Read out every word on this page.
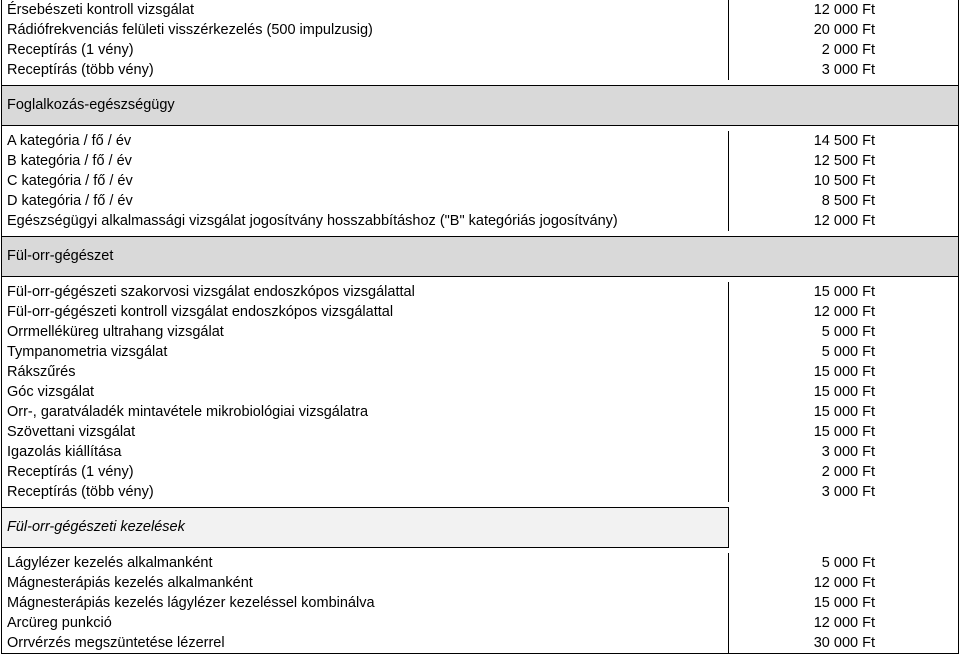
Érsebészeti kontroll vizsgálat	12 000 Ft
Rádiófrekvenciás felületi visszérkezelés (500 impulzusig)	20 000 Ft
Receptírás (1 vény)	2 000 Ft
Receptírás (több vény)	3 000 Ft
Foglalkozás-egészségügy
A kategória / fő / év	14 500 Ft
B kategória / fő / év	12 500 Ft
C kategória / fő / év	10 500 Ft
D kategória / fő / év	8 500 Ft
Egészségügyi alkalmassági vizsgálat jogosítvány hosszabbításhoz ("B" kategóriás jogosítvány)	12 000 Ft
Fül-orr-gégészet
Fül-orr-gégészeti szakorvosi vizsgálat endoszkópos vizsgálattal	15 000 Ft
Fül-orr-gégészeti kontroll vizsgálat endoszkópos vizsgálattal	12 000 Ft
Orrmelléküreg ultrahang vizsgálat	5 000 Ft
Tympanometria vizsgálat	5 000 Ft
Rákszűrés	15 000 Ft
Góc vizsgálat	15 000 Ft
Orr-, garatváladék mintavétele mikrobiológiai vizsgálatra	15 000 Ft
Szövettani vizsgálat	15 000 Ft
Igazolás kiállítása	3 000 Ft
Receptírás (1 vény)	2 000 Ft
Receptírás (több vény)	3 000 Ft
Fül-orr-gégészeti kezelések
Lágylézer kezelés alkalmanként	5 000 Ft
Mágnesterápiás kezelés alkalmanként	12 000 Ft
Mágnesterápiás kezelés lágylézer kezeléssel kombinálva	15 000 Ft
Arcüreg punkció	12 000 Ft
Orrvérzés megszüntetése lézerrel	30 000 Ft
